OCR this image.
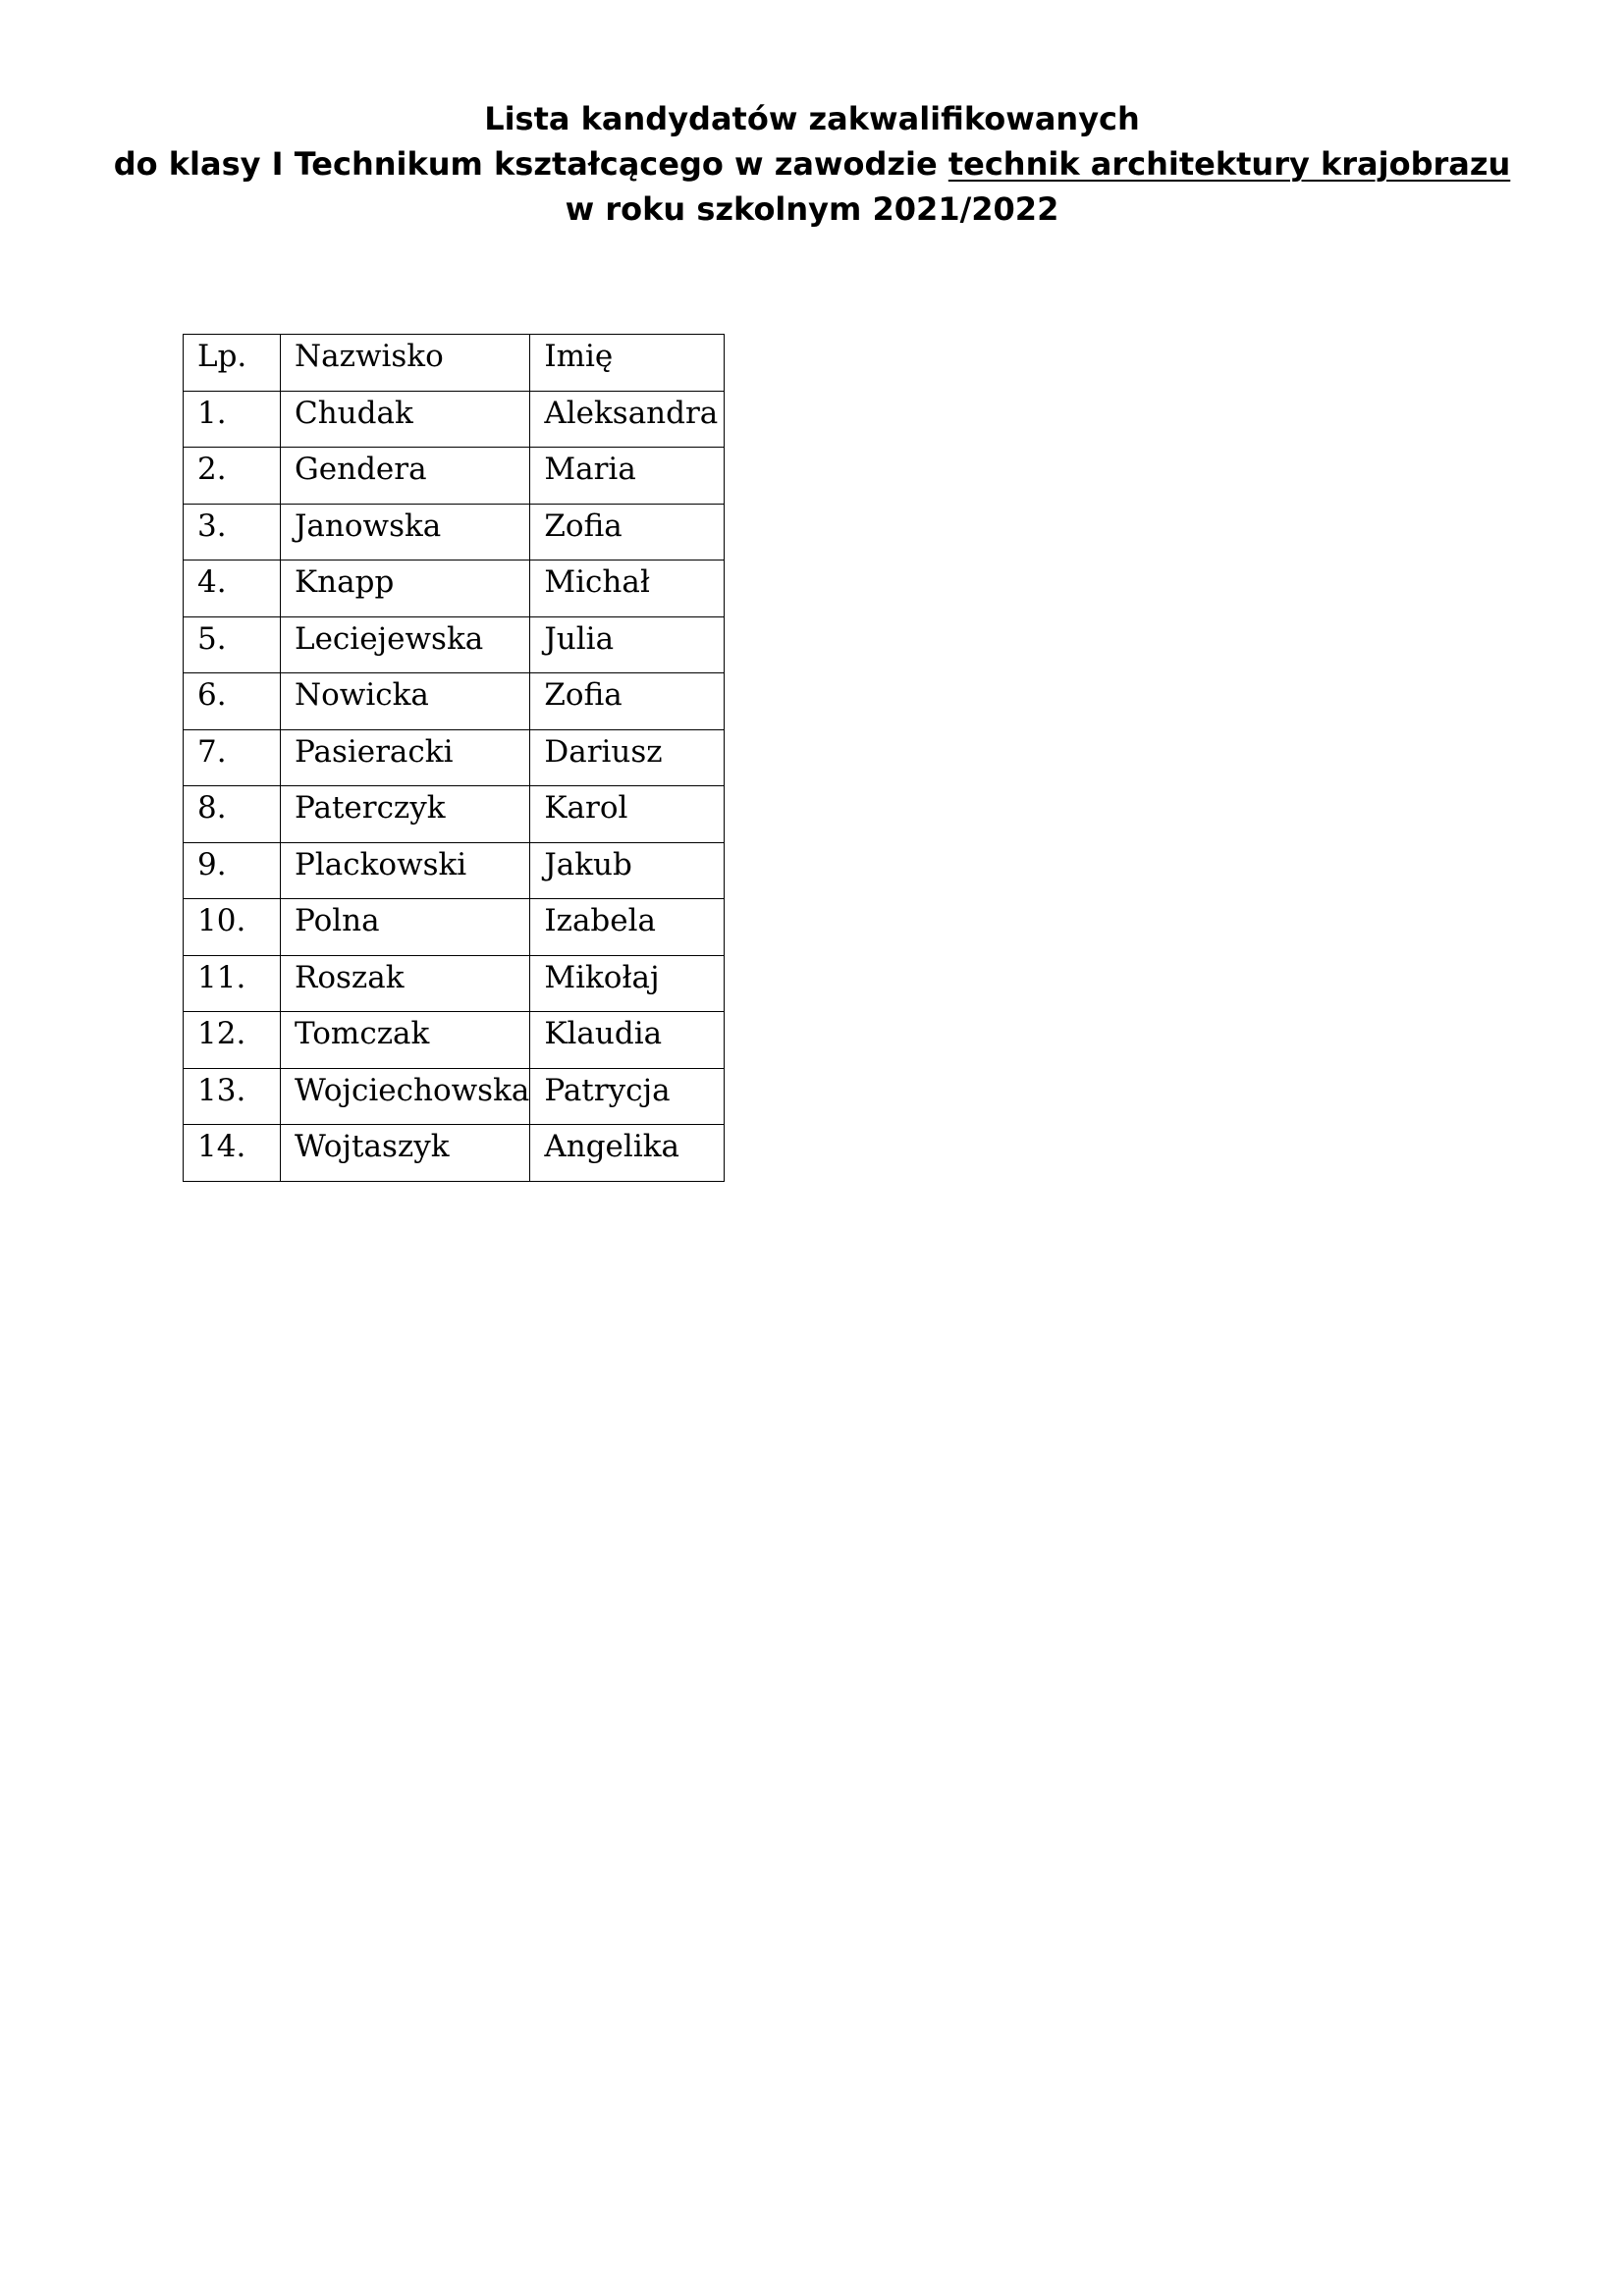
Lista kandydatów zakwalifikowanych
do klasy I Technikum kształcącego w zawodzie technik architektury krajobrazu
w roku szkolnym 2021/2022
Lp.	Nazwisko	Imię
1.	Chudak	Aleksandra
2.	Gendera	Maria
3.	Janowska	Zofia
4.	Knapp	Michał
5.	Leciejewska	Julia
6.	Nowicka	Zofia
7.	Pasieracki	Dariusz
8.	Paterczyk	Karol
9.	Plackowski	Jakub
10.	Polna	Izabela
11.	Roszak	Mikołaj
12.	Tomczak	Klaudia
13.	Wojciechowska	Patrycja
14.	Wojtaszyk	Angelika
